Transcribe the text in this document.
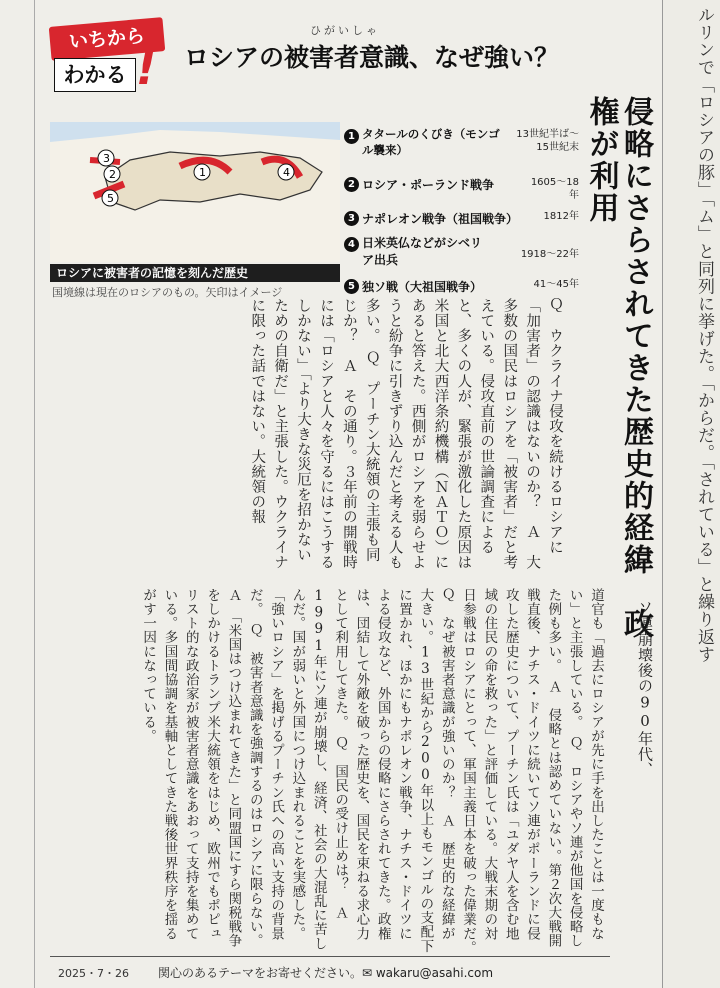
いちから
わかる !
ひがいしゃ
ロシアの被害者意識、なぜ強い？
1
2
3
4
5
ロシアに被害者の記憶を刻んだ歴史
国境線は現在のロシアのもの。矢印はイメージ
1 タタールのくびき（モンゴル襲来）
13世紀半ば～15世紀末
2 ロシア・ポーランド戦争	1605～18年
3 ナポレオン戦争（祖国戦争）	1812年
4 日米英仏などがシベリア出兵	1918～22年
5 独ソ戦（大祖国戦争）	41～45年	侵略にさらされてきた歴史的経緯　政権が利用
Ｑ　ウクライナ侵攻を続けるロシアに「加害者」の認識はないのか？　Ａ　大多数の国民はロシアを「被害者」だと考えている。侵攻直前の世論調査によると、多くの人が、緊張が激化した原因は米国と北大西洋条約機構（ＮＡＴＯ）にあると答えた。西側がロシアを弱らせようと紛争に引きずり込んだと考える人も多い。　Ｑ　プーチン大統領の主張も同じか？　Ａ　その通り。３年前の開戦時には「ロシアと人々を守るにはこうするしかない」「より大きな災厄を招かないための自衛だ」と主張した。ウクライナに限った話ではない。大統領の報
道官も「過去にロシアが先に手を出したことは一度もない」と主張している。　Ｑ　ロシアやソ連が他国を侵略した例も多い。　Ａ　侵略とは認めていない。第２次大戦開戦直後、ナチス・ドイツに続いてソ連がポーランドに侵攻した歴史について、プーチン氏は「ユダヤ人を含む地域の住民の命を救った」と評価している。大戦末期の対日参戦はロシアにとって、軍国主義日本を破った偉業だ。　Ｑ　なぜ被害者意識が強いのか？　Ａ　歴史的な経緯が大きい。13世紀から200年以上もモンゴルの支配下に置かれ、ほかにもナポレオン戦争、ナチス・ドイツによる侵攻など、外国からの侵略にさらされてきた。政権は、団結して外敵を破った歴史を、国民を束ねる求心力として利用してきた。　Ｑ　国民の受け止めは？　Ａ　1991年にソ連が崩壊し、経済、社会の大混乱に苦しんだ。国が弱いと外国につけ込まれることを実感した。「強いロシア」を掲げるプーチン氏への高い支持の背景だ。　Ｑ　被害者意識を強調するのはロシアに限らない。　Ａ　「米国はつけ込まれてきた」と同盟国にすら関税戦争をしかけるトランプ米大統領をはじめ、欧州でもポピュリスト的な政治家が被害者意識をあおって支持を集めている。多国間協調を基軸としてきた戦後世界秩序を揺るがす一因になっている。	ソ連崩壊後の90年代、
2025・7・26 関心のあるテーマをお寄せください。✉ wakaru@asahi.com
ルリンで「ロシアの豚」「ム」と同列に挙げた。「からだ。「されている」と繰り返す
